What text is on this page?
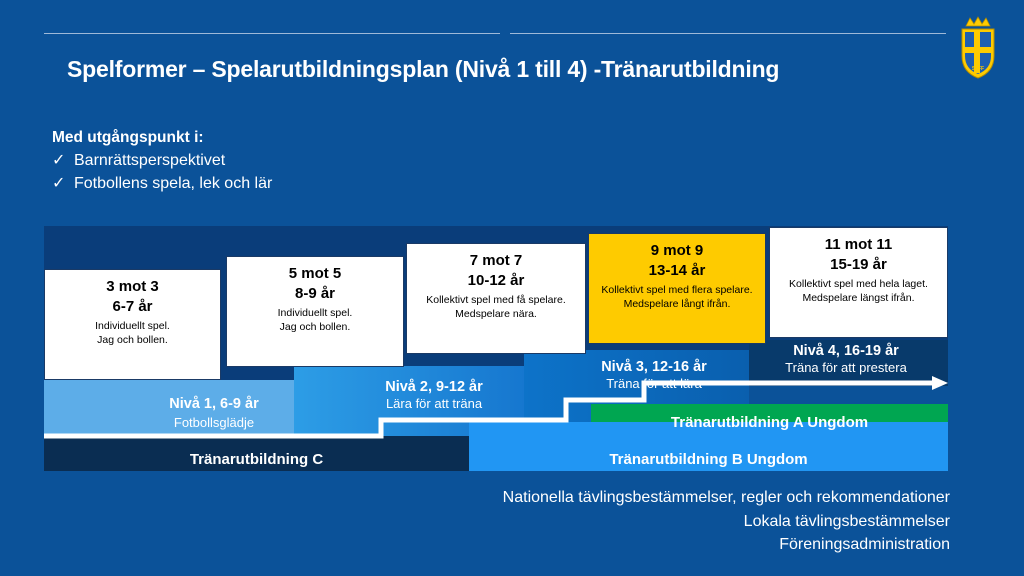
Spelformer – Spelarutbildningsplan (Nivå 1 till 4) -Tränarutbildning	SvFF
Med utgångspunkt i:
✓ Barnrättsperspektivet
✓ Fotbollens spela, lek och lär
Nivå 1, 6-9 år
Fotbollsglädje
Nivå 2, 9-12 år
Lära för att träna
Nivå 3, 12-16 år
Träna för att lära
Nivå 4, 16-19 år
Träna för att prestera
Tränarutbildning C	Tränarutbildning B Ungdom
Tränarutbildning A Ungdom
3 mot 3
6-7 år
Individuellt spel.
Jag och bollen.
5 mot 5
8-9 år
Individuellt spel.
Jag och bollen.
7 mot 7
10-12 år
Kollektivt spel med få spelare.
Medspelare nära.
9 mot 9
13-14 år
Kollektivt spel med flera spelare.
Medspelare långt ifrån.
11 mot 11
15-19 år
Kollektivt spel med hela laget.
Medspelare längst ifrån.
Nationella tävlingsbestämmelser, regler och rekommendationer
Lokala tävlingsbestämmelser
Föreningsadministration
